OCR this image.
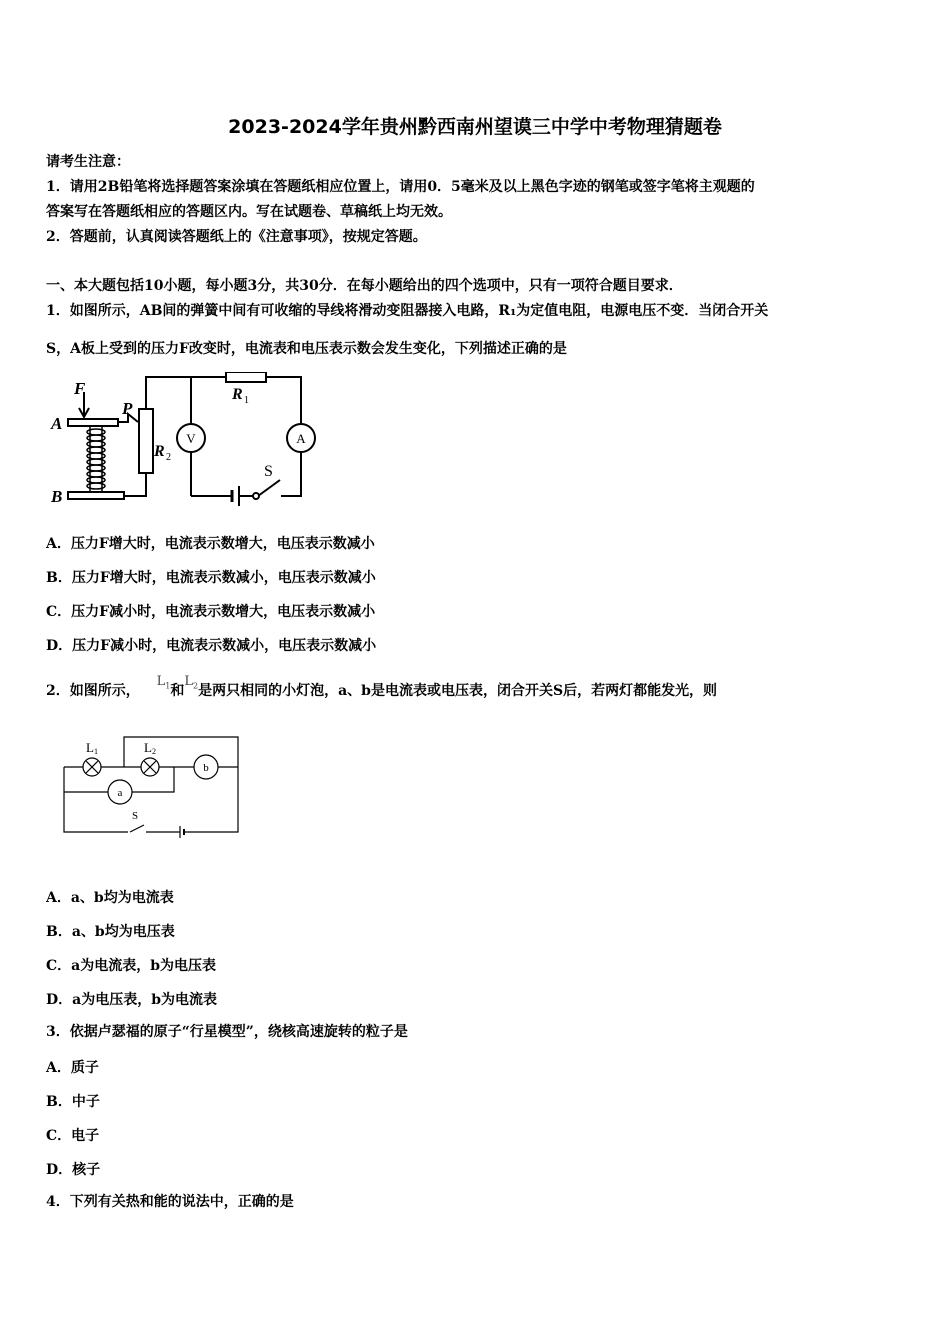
2023-2024学年贵州黔西南州望谟三中学中考物理猜题卷
请考生注意：
1．请用2B铅笔将选择题答案涂填在答题纸相应位置上，请用0．5毫米及以上黑色字迹的钢笔或签字笔将主观题的
答案写在答题纸相应的答题区内。写在试题卷、草稿纸上均无效。
2．答题前，认真阅读答题纸上的《注意事项》，按规定答题。
一、本大题包括10小题，每小题3分，共30分．在每小题给出的四个选项中，只有一项符合题目要求．
1．如图所示，AB间的弹簧中间有可收缩的导线将滑动变阻器接入电路，R₁为定值电阻，电源电压不变．当闭合开关
S，A板上受到的压力F改变时，电流表和电压表示数会发生变化，下列描述正确的是
F
P
A
B
R 1
R 2
V	A
S
A．压力F增大时，电流表示数增大，电压表示数减小
B．压力F增大时，电流表示数减小，电压表示数减小
C．压力F减小时，电流表示数增大，电压表示数减小
D．压力F减小时，电流表示数减小，电压表示数减小
2．如图所示， $L_1$和$L_2$是两只相同的小灯泡，a、b是电流表或电压表，闭合开关S后，若两灯都能发光，则
L 1	L 2
a
b
S
A．a、b均为电流表
B．a、b均为电压表
C．a为电流表，b为电压表
D．a为电压表，b为电流表
3．依据卢瑟福的原子“行星模型”，绕核高速旋转的粒子是
A．质子
B．中子
C．电子
D．核子
4．下列有关热和能的说法中，正确的是
